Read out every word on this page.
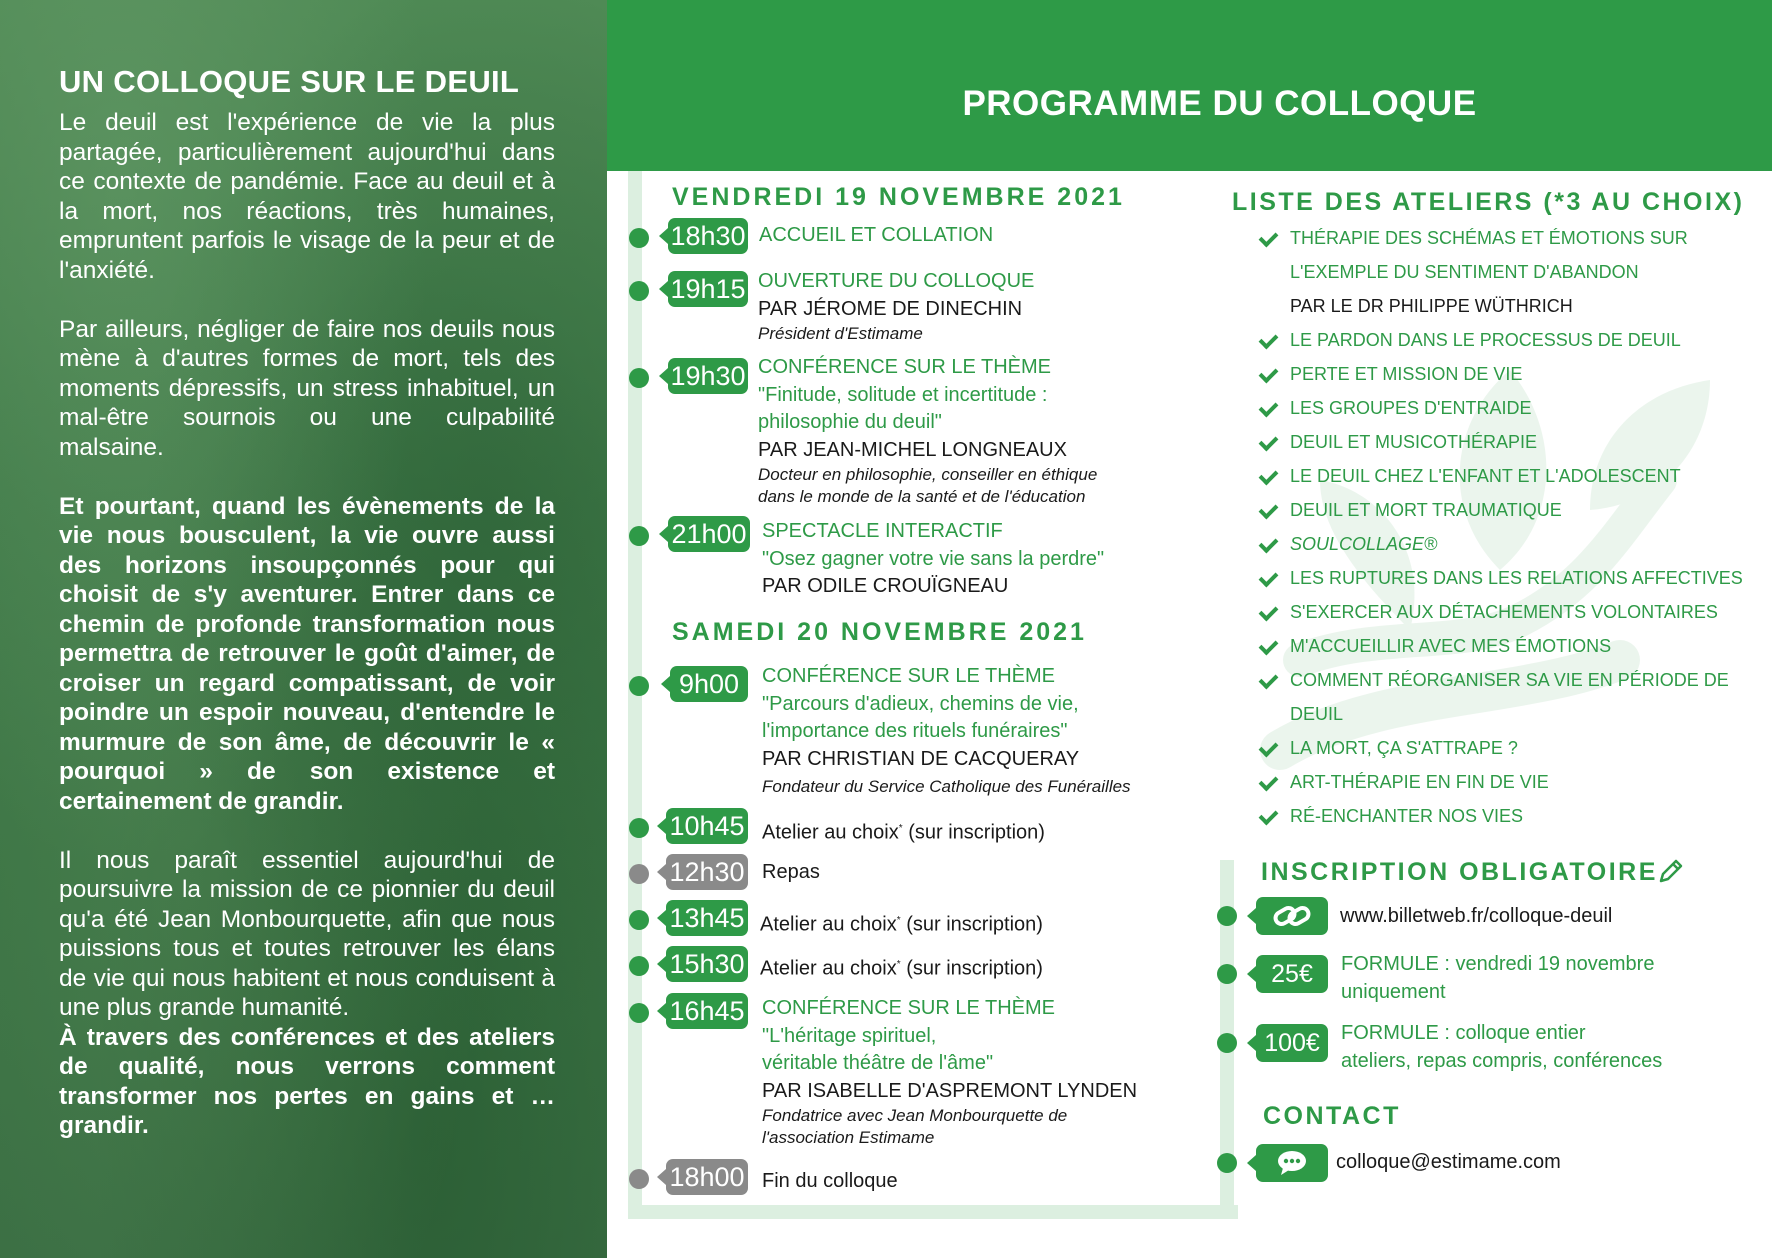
UN COLLOQUE SUR LE DEUIL

Le deuil est l'expérience de vie la plus partagée, particulièrement aujourd'hui dans ce contexte de pandémie. Face au deuil et à la mort, nos réactions, très humaines, empruntent parfois le visage de la peur et de l'anxiété.

Par ailleurs, négliger de faire nos deuils nous mène à d'autres formes de mort, tels des moments dépressifs, un stress inhabituel, un mal-être sournois ou une culpabilité malsaine.

Et pourtant, quand les évènements de la vie nous bousculent, la vie ouvre aussi des horizons insoupçonnés pour qui choisit de s'y aventurer. Entrer dans ce chemin de profonde transformation nous permettra de retrouver le goût d'aimer, de croiser un regard compatissant, de voir poindre un espoir nouveau, d'entendre le murmure de son âme, de découvrir le « pourquoi » de son existence et certainement de grandir.

Il nous paraît essentiel aujourd'hui de poursuivre la mission de ce pionnier du deuil qu'a été Jean Monbourquette, afin que nous puissions tous et toutes retrouver les élans de vie qui nous habitent et nous conduisent à une plus grande humanité.

À travers des conférences et des ateliers de qualité, nous verrons comment transformer nos pertes en gains et … grandir.

PROGRAMME DU COLLOQUE
VENDREDI 19 NOVEMBRE 2021
18h30 ACCUEIL ET COLLATION
19h15 OUVERTURE DU COLLOQUE
PAR JÉROME DE DINECHIN
Président d'Estimame
19h30 CONFÉRENCE SUR LE THÈME
"Finitude, solitude et incertitude :
philosophie du deuil"
PAR JEAN-MICHEL LONGNEAUX
Docteur en philosophie, conseiller en éthique
dans le monde de la santé et de l'éducation
21h00 SPECTACLE INTERACTIF
"Osez gagner votre vie sans la perdre"
PAR ODILE CROUÏGNEAU
SAMEDI 20 NOVEMBRE 2021
9h00	CONFÉRENCE SUR LE THÈME
"Parcours d'adieux, chemins de vie,
l'importance des rituels funéraires"
PAR CHRISTIAN DE CACQUERAY
Fondateur du Service Catholique des Funérailles
10h45 Atelier au choix* (sur inscription)
12h30 Repas
13h45 Atelier au choix* (sur inscription)
15h30 Atelier au choix* (sur inscription)
16h45 CONFÉRENCE SUR LE THÈME
"L'héritage spirituel,
véritable théâtre de l'âme"
PAR ISABELLE D'ASPREMONT LYNDEN
Fondatrice avec Jean Monbourquette de
l'association Estimame
18h00 Fin du colloque
LISTE DES ATELIERS (*3 AU CHOIX)
THÉRAPIE DES SCHÉMAS ET ÉMOTIONS SUR
L'EXEMPLE DU SENTIMENT D'ABANDON
PAR LE DR PHILIPPE WÜTHRICH
LE PARDON DANS LE PROCESSUS DE DEUIL
PERTE ET MISSION DE VIE
LES GROUPES D'ENTRAIDE
DEUIL ET MUSICOTHÉRAPIE
LE DEUIL CHEZ L'ENFANT ET L'ADOLESCENT
DEUIL ET MORT TRAUMATIQUE
SOULCOLLAGE®
LES RUPTURES DANS LES RELATIONS AFFECTIVES
S'EXERCER AUX DÉTACHEMENTS VOLONTAIRES
M'ACCUEILLIR AVEC MES ÉMOTIONS
COMMENT RÉORGANISER SA VIE EN PÉRIODE DE
DEUIL
LA MORT, ÇA S'ATTRAPE ?
ART-THÉRAPIE EN FIN DE VIE
RÉ-ENCHANTER NOS VIES
INSCRIPTION OBLIGATOIRE
www.billetweb.fr/colloque-deuil
25€	FORMULE : vendredi 19 novembre
uniquement
100€	FORMULE : colloque entier
ateliers, repas compris, conférences
CONTACT
colloque@estimame.com
